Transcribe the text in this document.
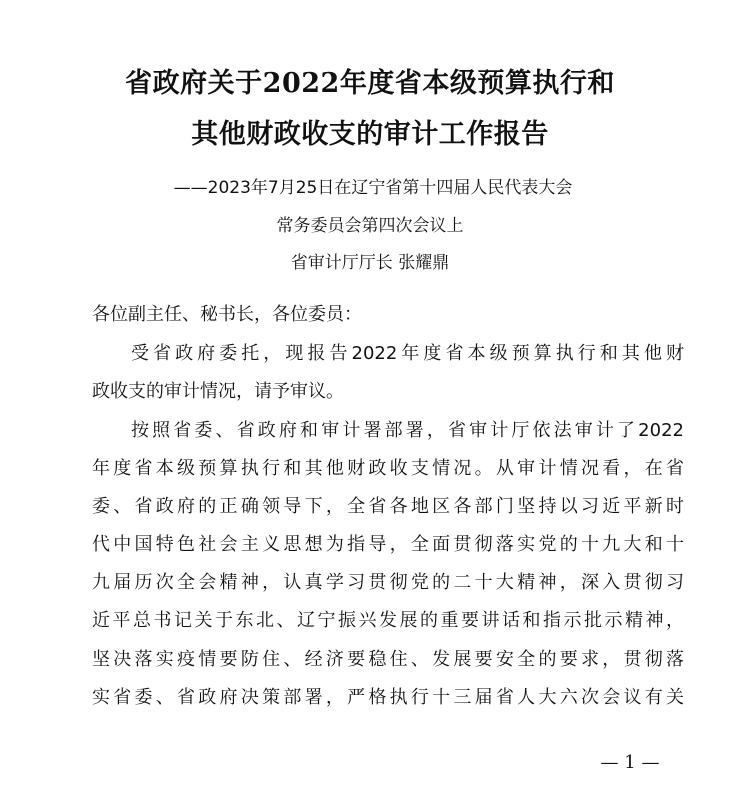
省政府关于2022年度省本级预算执行和
其他财政收支的审计工作报告
——2023年7月25日在辽宁省第十四届人民代表大会
常务委员会第四次会议上
省审计厅厅长 张耀鼎
各位副主任、秘书长，各位委员：
受省政府委托，现报告2022年度省本级预算执行和其他财
政收支的审计情况，请予审议。
按照省委、省政府和审计署部署，省审计厅依法审计了2022
年度省本级预算执行和其他财政收支情况。从审计情况看，在省
委、省政府的正确领导下，全省各地区各部门坚持以习近平新时
代中国特色社会主义思想为指导，全面贯彻落实党的十九大和十
九届历次全会精神，认真学习贯彻党的二十大精神，深入贯彻习
近平总书记关于东北、辽宁振兴发展的重要讲话和指示批示精神，
坚决落实疫情要防住、经济要稳住、发展要安全的要求，贯彻落
实省委、省政府决策部署，严格执行十三届省人大六次会议有关
— 1 —
